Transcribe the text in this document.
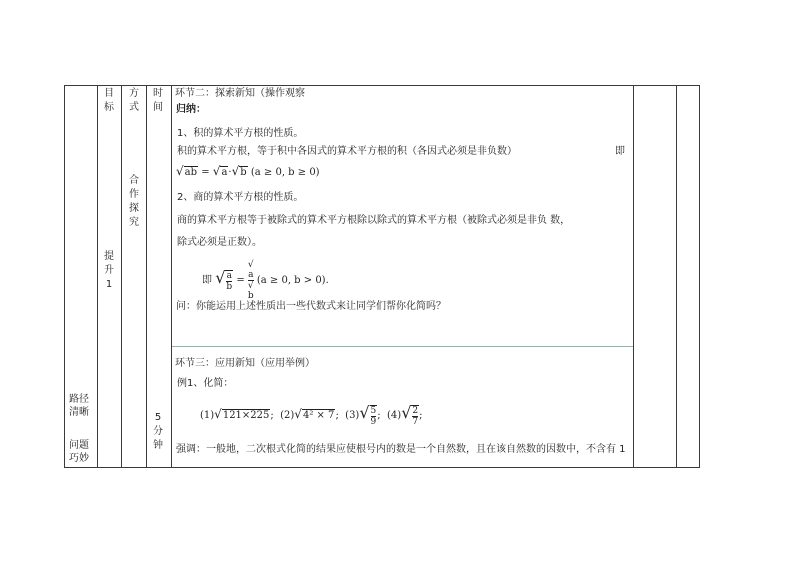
目标
方式
时间
路径清晰
问题巧妙
提升1
合作探究
5分钟
环节二：探索新知（操作观察
归纳：
1、积的算术平方根的性质。
积的算术平方根，等于积中各因式的算术平方根的积（各因式必须是非负数）	即
√ab = √a·√b (a ≥ 0, b ≥ 0)
2、商的算术平方根的性质。
商的算术平方根等于被除式的算术平方根除以除式的算术平方根（被除式必须是非负 数，
除式必须是正数）。
即 √ $\frac{a}{b}$ = √
a
√
b (a ≥ 0, b > 0).
问：你能运用上述性质出一些代数式来让同学们帮你化简吗？
环节三：应用新知（应用举例）
例1、化简：
(1)√121×225; (2)√4² × 7; $(3)√ \frac{5}{9}$ ; $(4)√ \frac{2}{7}$ ;
强调：一般地，二次根式化简的结果应使根号内的数是一个自然数，且在该自然数的因数中，不含有 1
